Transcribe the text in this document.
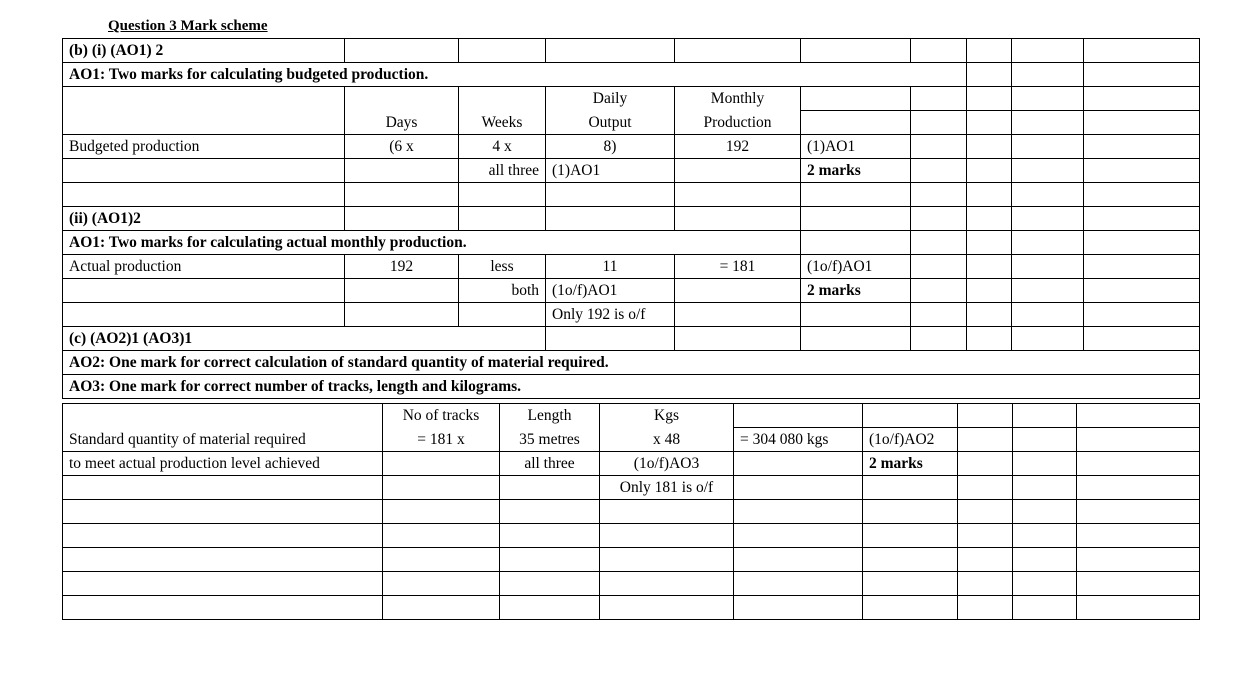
Question 3 Mark scheme
(b) (i) (AO1) 2									
AO1: Two marks for calculating budgeted production.									
			Daily	Monthly					
	Days	Weeks	Output	Production					
Budgeted production	(6 x	4 x	8)	192	(1)AO1				
		all three	(1)AO1		2 marks				

(ii) (AO1)2									
AO1: Two marks for calculating actual monthly production.									
Actual production	192	less	11	= 181	(1o/f)AO1				
		both	(1o/f)AO1		2 marks				
			Only 192 is o/f						
(c) (AO2)1 (AO3)1									
AO2: One mark for correct calculation of standard quantity of material required.									
AO3: One mark for correct number of tracks, length and kilograms.									
	No of tracks	Length	Kgs					
Standard quantity of material required	= 181 x	35 metres	x 48	= 304 080 kgs	(1o/f)AO2			
to meet actual production level achieved		all three	(1o/f)AO3		2 marks			
			Only 181 is o/f					
